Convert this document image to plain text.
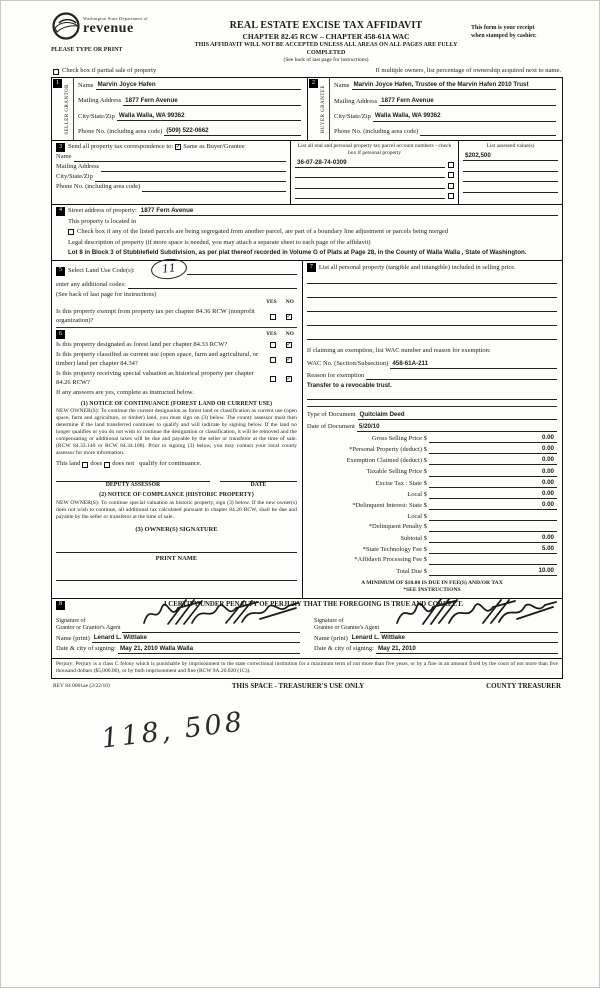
Washington State Department of
revenue
PLEASE TYPE OR PRINT
REAL ESTATE EXCISE TAX AFFIDAVIT
CHAPTER 82.45 RCW – CHAPTER 458-61A WAC
THIS AFFIDAVIT WILL NOT BE ACCEPTED UNLESS ALL AREAS ON ALL PAGES ARE FULLY COMPLETED
(See back of last page for instructions)
This form is your receipt
when stamped by cashier.
Check box if partial sale of property	If multiple owners, list percentage of ownership acquired next to name.
1
SELLER GRANTOR Name Marvin Joyce Hafen
Mailing Address 1877 Fern Avenue
City/State/Zip Walla Walla, WA 99362
Phone No. (including area code) (509) 522-0662
2
BUYER GRANTEE Name Marvin Joyce Hafen, Trustee of the Marvin Hafen 2010 Trust
Mailing Address 1877 Fern Avenue
City/State/Zip Walla Walla, WA 99362
Phone No. (including area code)
3 Send all property tax correspondence to: ✓ Same as Buyer/Grantee
Name
Mailing Address
City/State/Zip
Phone No. (including area code)
List all real and personal property tax parcel account numbers - check box if personal property
36-07-28-74-0309
List assessed value(s)
$202,500
4 Street address of property: 1877 Fern Avenue
This property is located in
Check box if any of the listed parcels are being segregated from another parcel, are part of a boundary line adjustment or parcels being merged
Legal description of property (if more space is needed, you may attach a separate sheet to each page of the affidavit)
Lot 8 in Block 3 of Stubblefield Subdivision, as per plat thereof recorded in Volume G of Plats at Page 28, in the County of Walla Walla , State of Washington.
5 Select Land Use Code(s):	11
enter any additional codes:
(See back of last page for instructions)
YES NO
Is this property exempt from property tax per chapter 84.36 RCW (nonprofit organization)?	✓
6	YES NO
Is this property designated as forest land per chapter 84.33 RCW?	✓
Is this property classified as current use (open space, farm and agricultural, or timber) land per chapter 84.34?	✓
Is this property receiving special valuation as historical property per chapter 84.26 RCW?	✓
If any answers are yes, complete as instructed below.
(1) NOTICE OF CONTINUANCE (FOREST LAND OR CURRENT USE)
NEW OWNER(S): To continue the current designation as forest land or classification as current use (open space, farm and agriculture, or timber) land, you must sign on (3) below. The county assessor must then determine if the land transferred continues to qualify and will indicate by signing below. If the land no longer qualifies or you do not wish to continue the designation or classification, it will be removed and the compensating or additional taxes will be due and payable by the seller or transferor at the time of sale. (RCW 84.33.140 or RCW 84.34.108). Prior to signing (3) below, you may contact your local county assessor for more information.
This land	does	does not qualify for continuance.
DEPUTY ASSESSOR	DATE
(2) NOTICE OF COMPLIANCE (HISTORIC PROPERTY)
NEW OWNER(S): To continue special valuation as historic property, sign (3) below. If the new owner(s) does not wish to continue, all additional tax calculated pursuant to chapter 84.26 RCW, shall be due and payable by the seller or transferor at the time of sale.
(3) OWNER(S) SIGNATURE
PRINT NAME
7 List all personal property (tangible and intangible) included in selling price.
If claiming an exemption, list WAC number and reason for exemption:
WAC No. (Section/Subsection) 458-61A-211
Reason for exemption
Transfer to a revocable trust.
Type of Document Quitclaim Deed
Date of Document 5/20/10
Gross Selling Price $	0.00
*Personal Property (deduct) $	0.00
Exemption Claimed (deduct) $	0.00
Taxable Selling Price $	0.00
Excise Tax : State $	0.00
Local $	0.00
*Delinquent Interest: State $	0.00
Local $
*Delinquent Penalty $
Subtotal $	0.00
*State Technology Fee $	5.00
*Affidavit Processing Fee $
Total Due $	10.00
A MINIMUM OF $10.00 IS DUE IN FEE(S) AND/OR TAX
*SEE INSTRUCTIONS
8	I CERTIFY UNDER PENALTY OF PERJURY THAT THE FOREGOING IS TRUE AND CORRECT.
Signature of
Grantor or Grantor's Agent
Name (print) Lenard L. Wittlake
Date & city of signing: May 21, 2010 Walla Walla
Signature of
Grantee or Grantee's Agent
Name (print) Lenard L. Wittlake
Date & city of signing: May 21, 2010
Perjury: Perjury is a class C felony which is punishable by imprisonment in the state correctional institution for a maximum term of not more than five years, or by a fine in an amount fixed by the court of not more than five thousand dollars ($5,000.00), or by both imprisonment and fine (RCW 9A.20.020 (1C)).
REV 84 0001ae (2/22/10)	THIS SPACE - TREASURER'S USE ONLY	COUNTY TREASURER
118, 508
